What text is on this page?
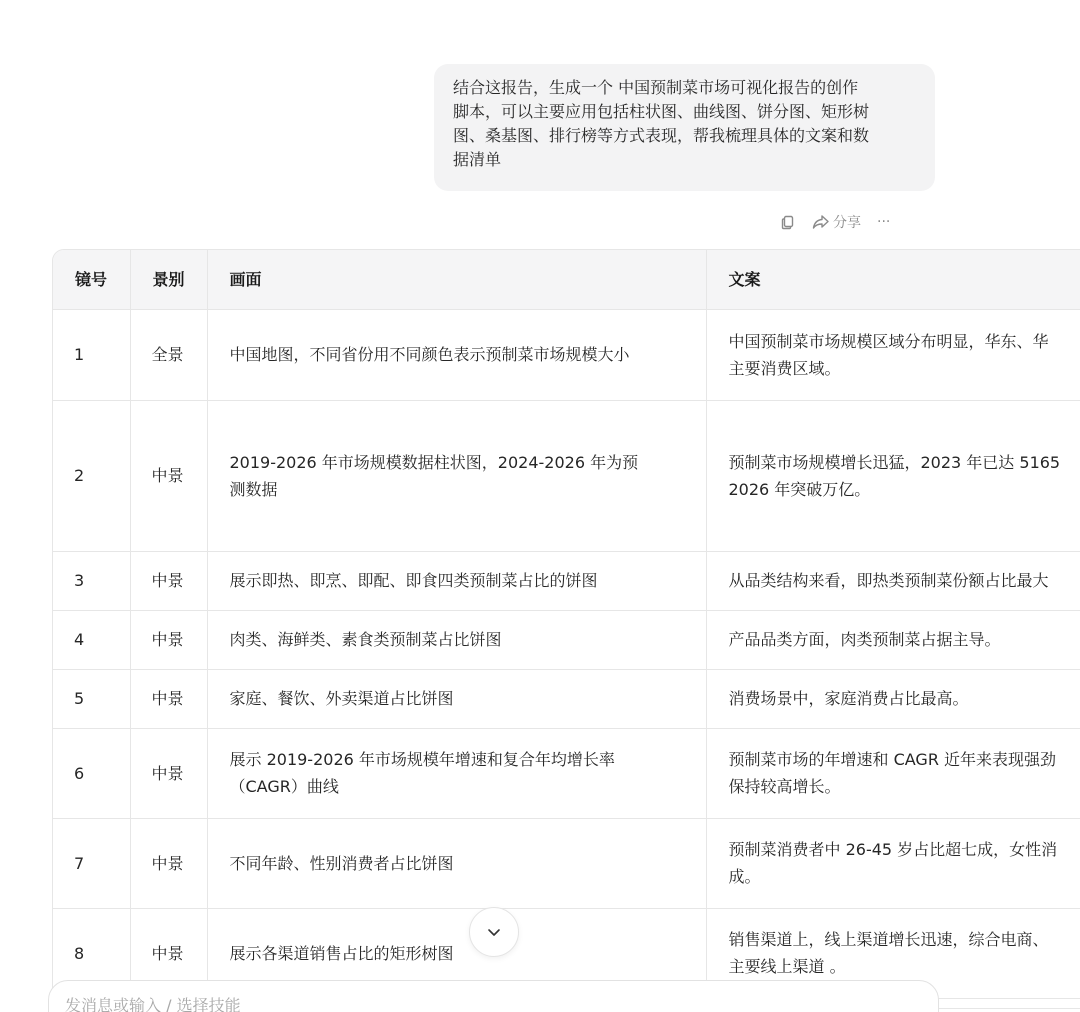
结合这报告，生成一个 中国预制菜市场可视化报告的创作
脚本，可以主要应用包括柱状图、曲线图、饼分图、矩形树
图、桑基图、排行榜等方式表现，帮我梳理具体的文案和数
据清单
分享 ···
镜号	景别	画面	文案
1	全景	中国地图，不同省份用不同颜色表示预制菜市场规模大小	中国预制菜市场规模区域分布明显，华东、华
主要消费区域。
2	中景	2019-2026 年市场规模数据柱状图，2024-2026 年为预
测数据	预制菜市场规模增长迅猛，2023 年已达 5165
2026 年突破万亿。
3	中景	展示即热、即烹、即配、即食四类预制菜占比的饼图	从品类结构来看，即热类预制菜份额占比最大
4	中景	肉类、海鲜类、素食类预制菜占比饼图	产品品类方面，肉类预制菜占据主导。
5	中景	家庭、餐饮、外卖渠道占比饼图	消费场景中，家庭消费占比最高。
6	中景	展示 2019-2026 年市场规模年增速和复合年均增长率
（CAGR）曲线	预制菜市场的年增速和 CAGR 近年来表现强劲
保持较高增长。
7	中景	不同年龄、性别消费者占比饼图	预制菜消费者中 26-45 岁占比超七成，女性消
成。
8	中景	展示各渠道销售占比的矩形树图	销售渠道上，线上渠道增长迅速，综合电商、
主要线上渠道 。
发消息或输入 / 选择技能
